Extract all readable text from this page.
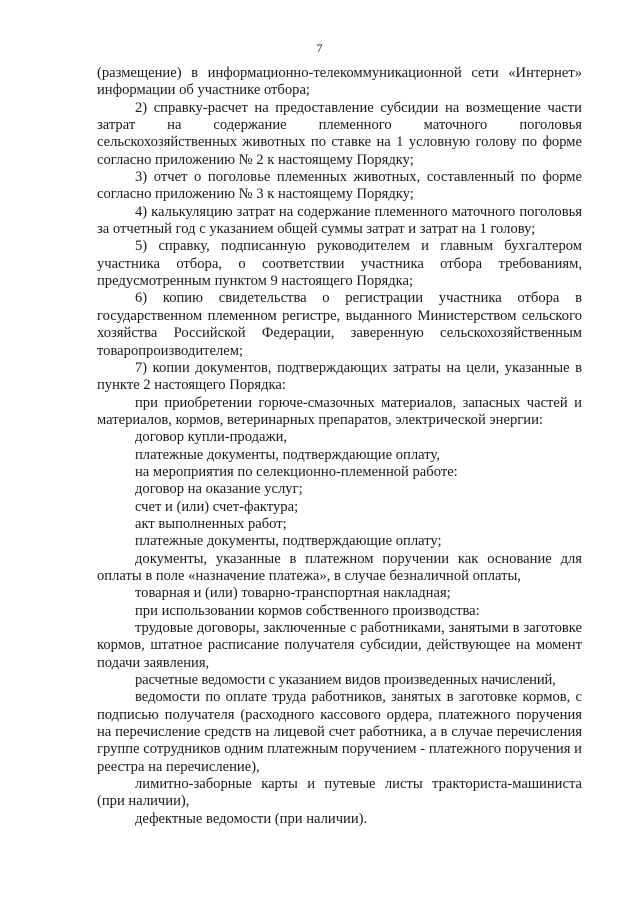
7

(размещение) в информационно-телекоммуникационной сети «Интернет» информации об участнике отбора;

2) справку-расчет на предоставление субсидии на возмещение части затрат на содержание племенного маточного поголовья сельскохозяйственных животных по ставке на 1 условную голову по форме согласно приложению № 2 к настоящему Порядку;

3) отчет о поголовье племенных животных, составленный по форме согласно приложению № 3 к настоящему Порядку;

4) калькуляцию затрат на содержание племенного маточного поголовья за отчетный год с указанием общей суммы затрат и затрат на 1 голову;

5) справку, подписанную руководителем и главным бухгалтером участника отбора, о соответствии участника отбора требованиям, предусмотренным пунктом 9 настоящего Порядка;

6) копию свидетельства о регистрации участника отбора в государственном племенном регистре, выданного Министерством сельского хозяйства Российской Федерации, заверенную сельскохозяйственным товаропроизводителем;

7) копии документов, подтверждающих затраты на цели, указанные в пункте 2 настоящего Порядка:

при приобретении горюче-смазочных материалов, запасных частей и материалов, кормов, ветеринарных препаратов, электрической энергии:

договор купли-продажи,

платежные документы, подтверждающие оплату,

на мероприятия по селекционно-племенной работе:

договор на оказание услуг;

счет и (или) счет-фактура;

акт выполненных работ;

платежные документы, подтверждающие оплату;

документы, указанные в платежном поручении как основание для оплаты в поле «назначение платежа», в случае безналичной оплаты,

товарная и (или) товарно-транспортная накладная;

при использовании кормов собственного производства:

трудовые договоры, заключенные с работниками, занятыми в заготовке кормов, штатное расписание получателя субсидии, действующее на момент подачи заявления,

расчетные ведомости с указанием видов произведенных начислений,

ведомости по оплате труда работников, занятых в заготовке кормов, с подписью получателя (расходного кассового ордера, платежного поручения на перечисление средств на лицевой счет работника, а в случае перечисления группе сотрудников одним платежным поручением - платежного поручения и реестра на перечисление),

лимитно-заборные карты и путевые листы тракториста-машиниста (при наличии),

дефектные ведомости (при наличии).
